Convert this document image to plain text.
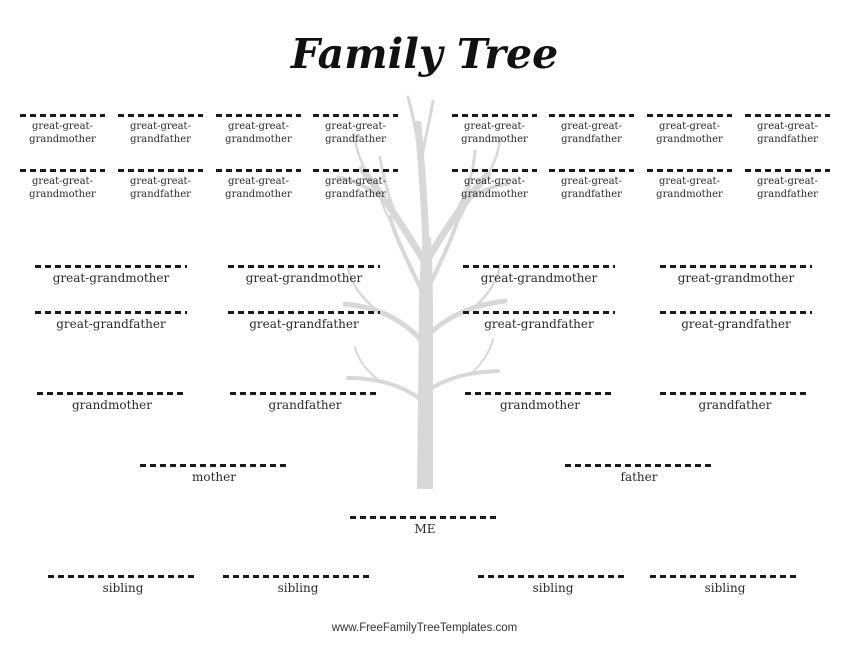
Family Tree
great-great-grandmother
great-great-grandfather
great-great-grandmother
great-great-grandfather
great-great-grandmother
great-great-grandfather
great-great-grandmother
great-great-grandfather
great-great-grandmother
great-great-grandfather
great-great-grandmother
great-great-grandfather
great-great-grandmother
great-great-grandfather
great-great-grandmother
great-great-grandfather
great-grandmother	great-grandmother	great-grandmother	great-grandmother
great-grandfather	great-grandfather	great-grandfather	great-grandfather
grandmother	grandfather	grandmother	grandfather
mother	father
ME
sibling	sibling	sibling	sibling
www.FreeFamilyTreeTemplates.com
